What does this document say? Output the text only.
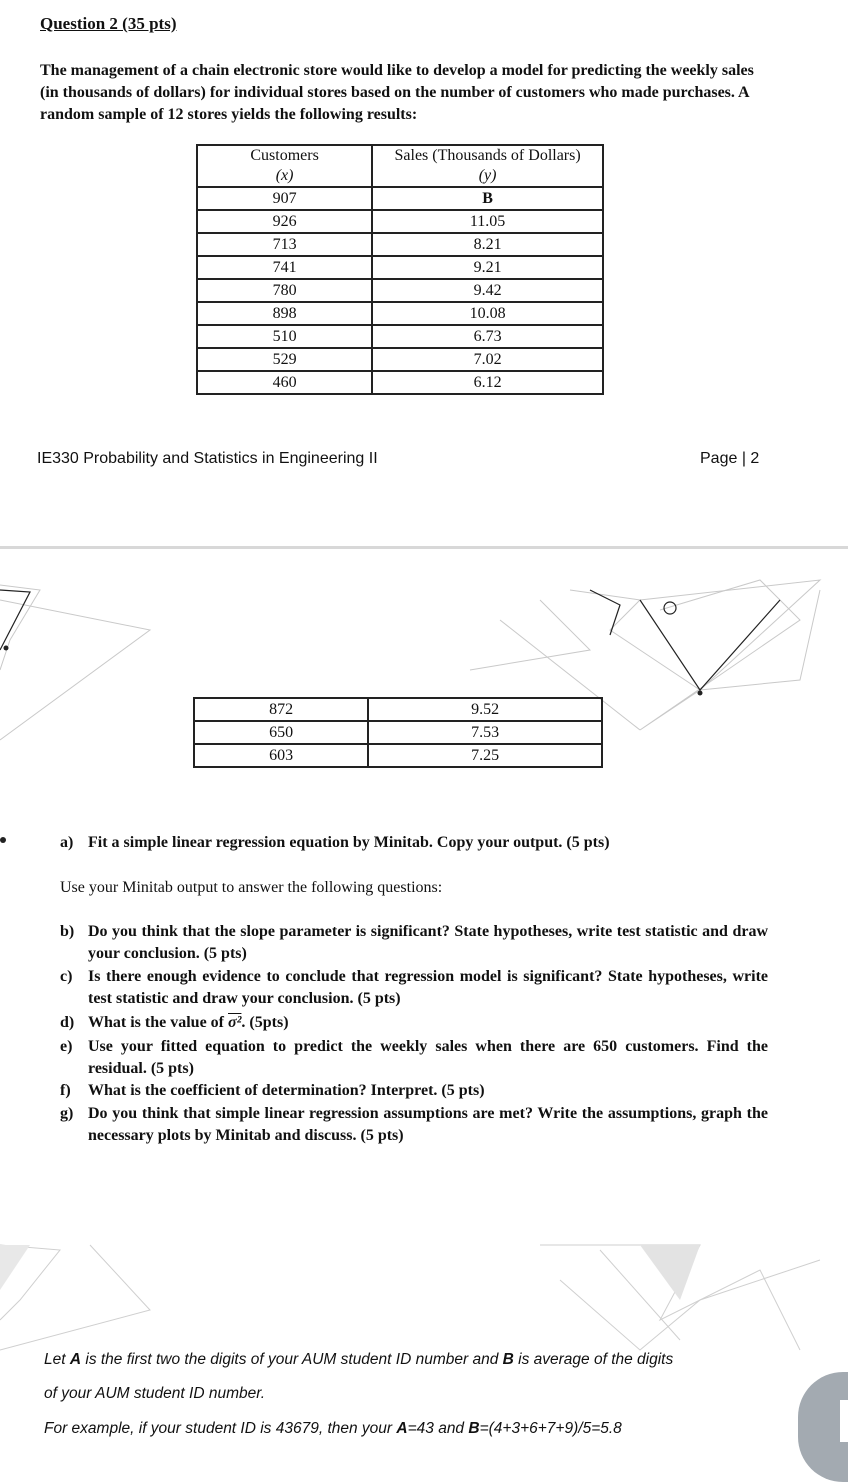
Question 2 (35 pts)
The management of a chain electronic store would like to develop a model for predicting the weekly sales (in thousands of dollars) for individual stores based on the number of customers who made purchases. A random sample of 12 stores yields the following results:
Customers	Sales (Thousands of Dollars)
(x)	(y)
907	B
926	11.05
713	8.21
741	9.21
780	9.42
898	10.08
510	6.73
529	7.02
460	6.12
IE330 Probability and Statistics in Engineering II	Page | 2
872	9.52
650	7.53
603	7.25
a) Fit a simple linear regression equation by Minitab. Copy your output. (5 pts)
Use your Minitab output to answer the following questions:
b) Do you think that the slope parameter is significant? State hypotheses, write test statistic and draw your conclusion. (5 pts)
c) Is there enough evidence to conclude that regression model is significant? State hypotheses, write test statistic and draw your conclusion. (5 pts)
d) What is the value of σ². (5pts)
e) Use your fitted equation to predict the weekly sales when there are 650 customers. Find the residual. (5 pts)
f) What is the coefficient of determination? Interpret. (5 pts)
g) Do you think that simple linear regression assumptions are met? Write the assumptions, graph the necessary plots by Minitab and discuss. (5 pts)
Let A is the first two the digits of your AUM student ID number and B is average of the digits
of your AUM student ID number.
For example, if your student ID is 43679, then your A=43 and B=(4+3+6+7+9)/5=5.8
